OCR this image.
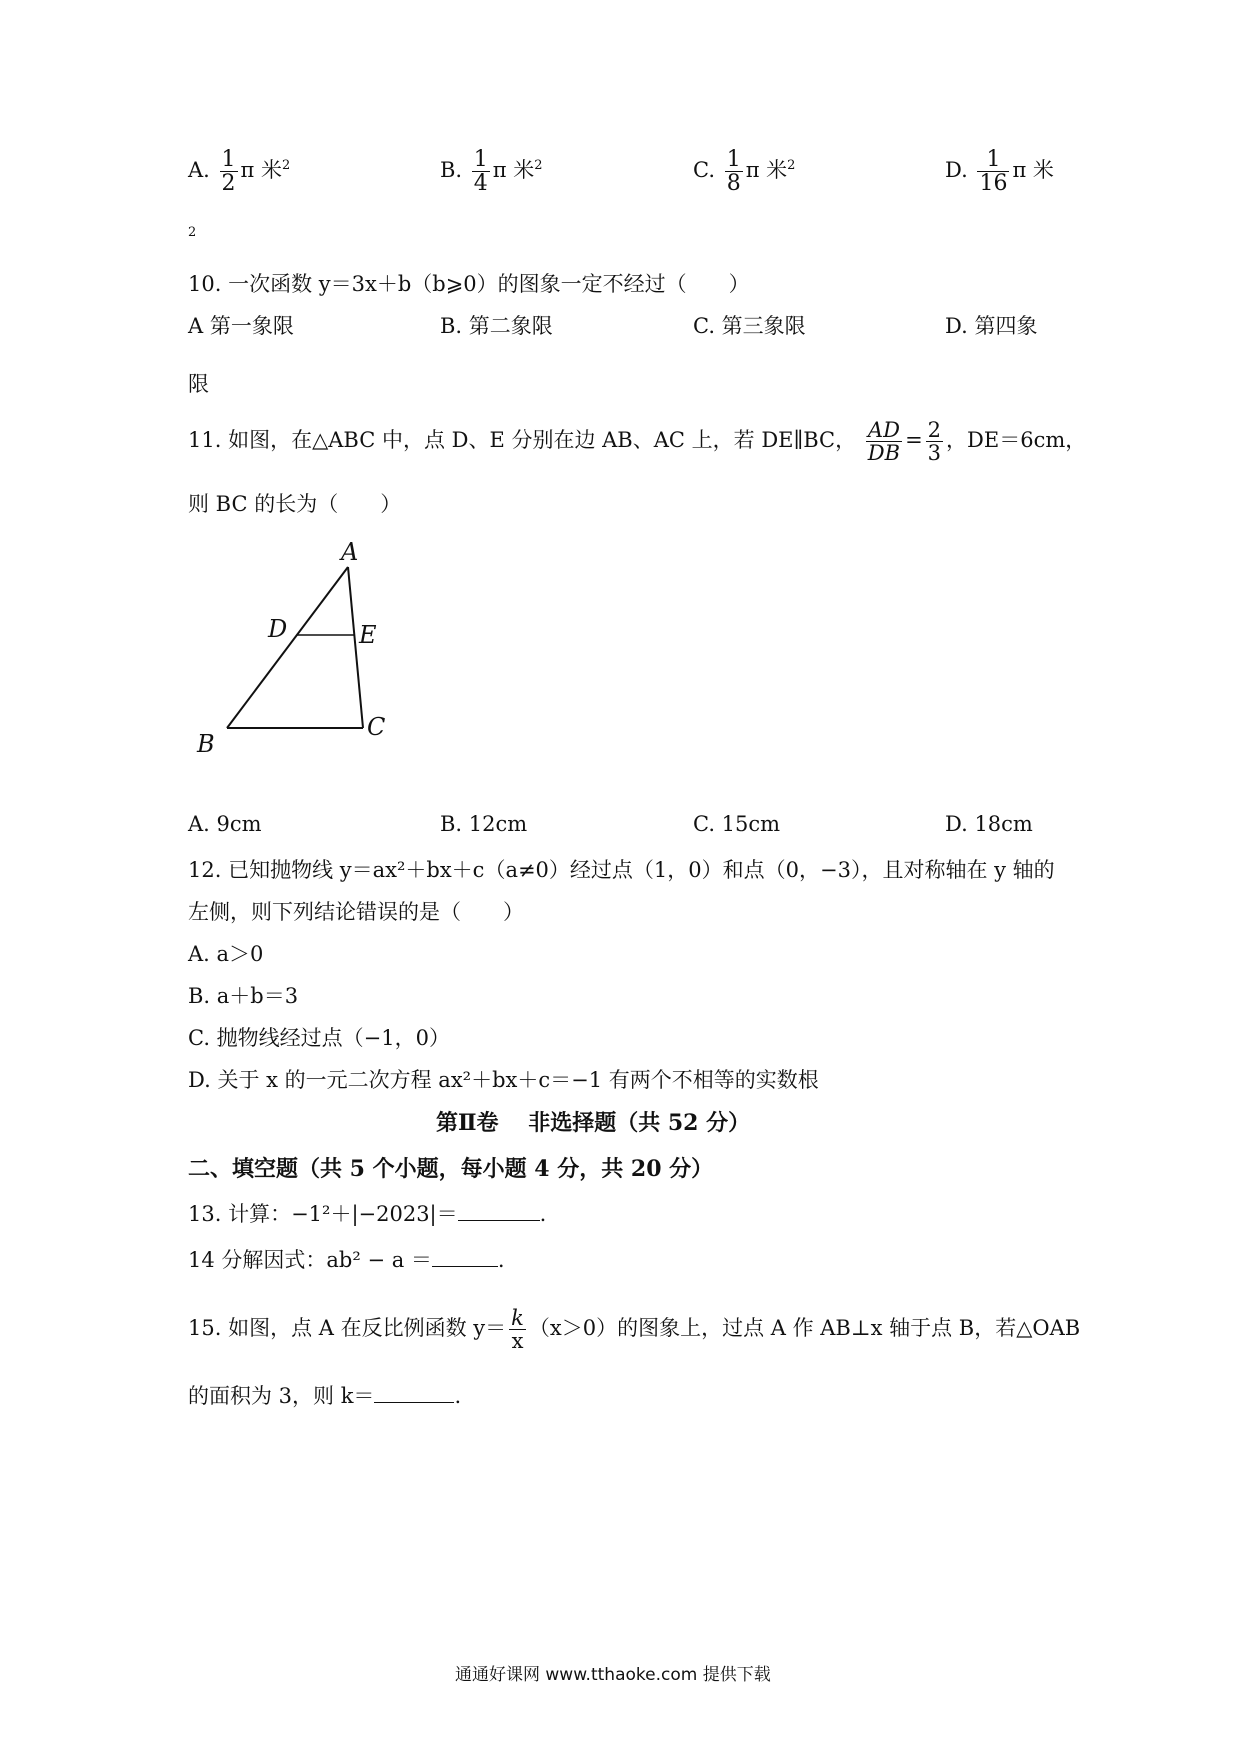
A. $\frac{1}{2}$ π 米$^2$	B. $\frac{1}{4}$ π 米$^2$	C. $\frac{1}{8}$ π 米$^2$	D. $\frac{1}{16}$ π 米
2
10. 一次函数 y＝3x＋b（b⩾0）的图象一定不经过（　　）
A 第一象限	B. 第二象限	C. 第三象限	D. 第四象
限
11. 如图，在△ABC 中，点 D、E 分别在边 AB、AC 上，若 DE∥BC， $\frac{AD}{DB} = \frac{2}{3}$ ，DE＝6cm，
则 BC 的长为（　　）
A
D	E
B
C
A. 9cm	B. 12cm	C. 15cm	D. 18cm
12. 已知抛物线 y＝ax²＋bx＋c（a≠0）经过点（1，0）和点（0，−3），且对称轴在 y 轴的
左侧，则下列结论错误的是（　　）
A. a＞0
B. a＋b＝3
C. 抛物线经过点（−1，0）
D. 关于 x 的一元二次方程 ax²＋bx＋c＝−1 有两个不相等的实数根
第Ⅱ卷　 非选择题（共 52 分）
二、填空题（共 5 个小题，每小题 4 分，共 20 分）
13. 计算：−1²＋|−2023|＝	.
14 分解因式：ab² − a ＝	.
15. 如图，点 A 在反比例函数 $y= \frac{k}{x} (x>0)$的图象上，过点 A 作 AB⊥x 轴于点 B，若△OAB
的面积为 3，则 k＝	.
通通好课网 www.tthaoke.com 提供下载
